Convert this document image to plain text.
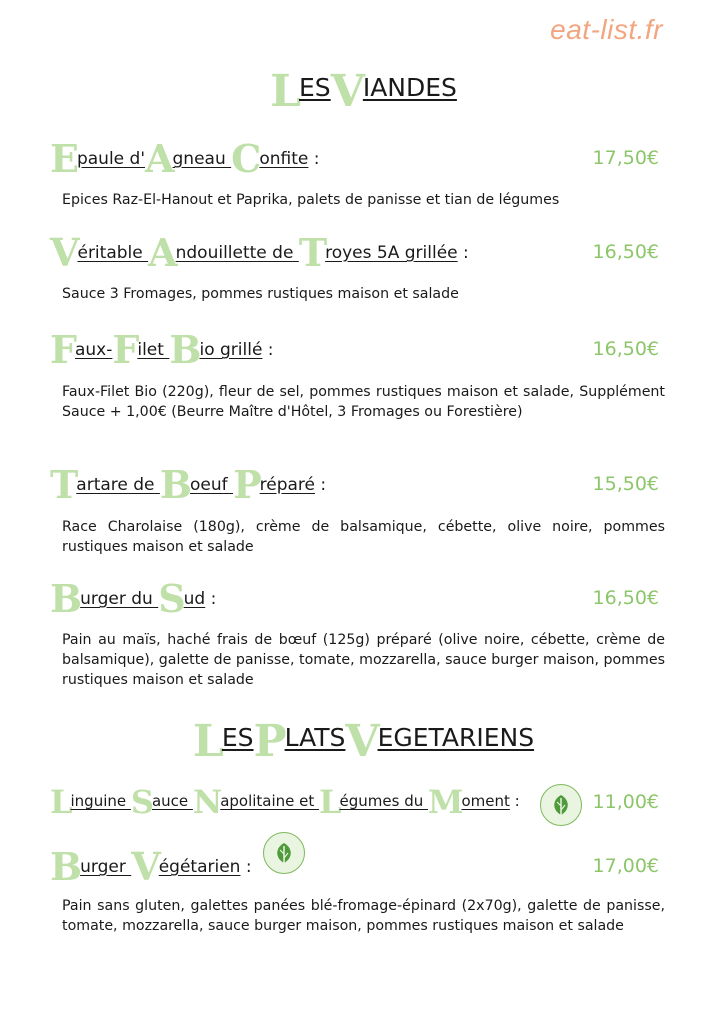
eat-list.fr
LESVIANDES
Epaule d'Agneau Confite :	17,50€
Epices Raz-El-Hanout et Paprika, palets de panisse et tian de légumes
Véritable Andouillette de Troyes 5A grillée :	16,50€
Sauce 3 Fromages, pommes rustiques maison et salade
Faux-Filet Bio grillé :	16,50€
Faux-Filet Bio (220g), fleur de sel, pommes rustiques maison et salade, Supplément Sauce + 1,00€ (Beurre Maître d'Hôtel, 3 Fromages ou Forestière)
Tartare de Boeuf Préparé :	15,50€
Race Charolaise (180g), crème de balsamique, cébette, olive noire, pommes rustiques maison et salade
Burger du Sud :	16,50€
Pain au maïs, haché frais de bœuf (125g) préparé (olive noire, cébette, crème de balsamique), galette de panisse, tomate, mozzarella, sauce burger maison, pommes rustiques maison et salade
LESPLATSVEGETARIENS
Linguine Sauce Napolitaine et Légumes du Moment :	11,00€
Burger Végétarien :	17,00€
Pain sans gluten, galettes panées blé-fromage-épinard (2x70g), galette de panisse, tomate, mozzarella, sauce burger maison, pommes rustiques maison et salade
